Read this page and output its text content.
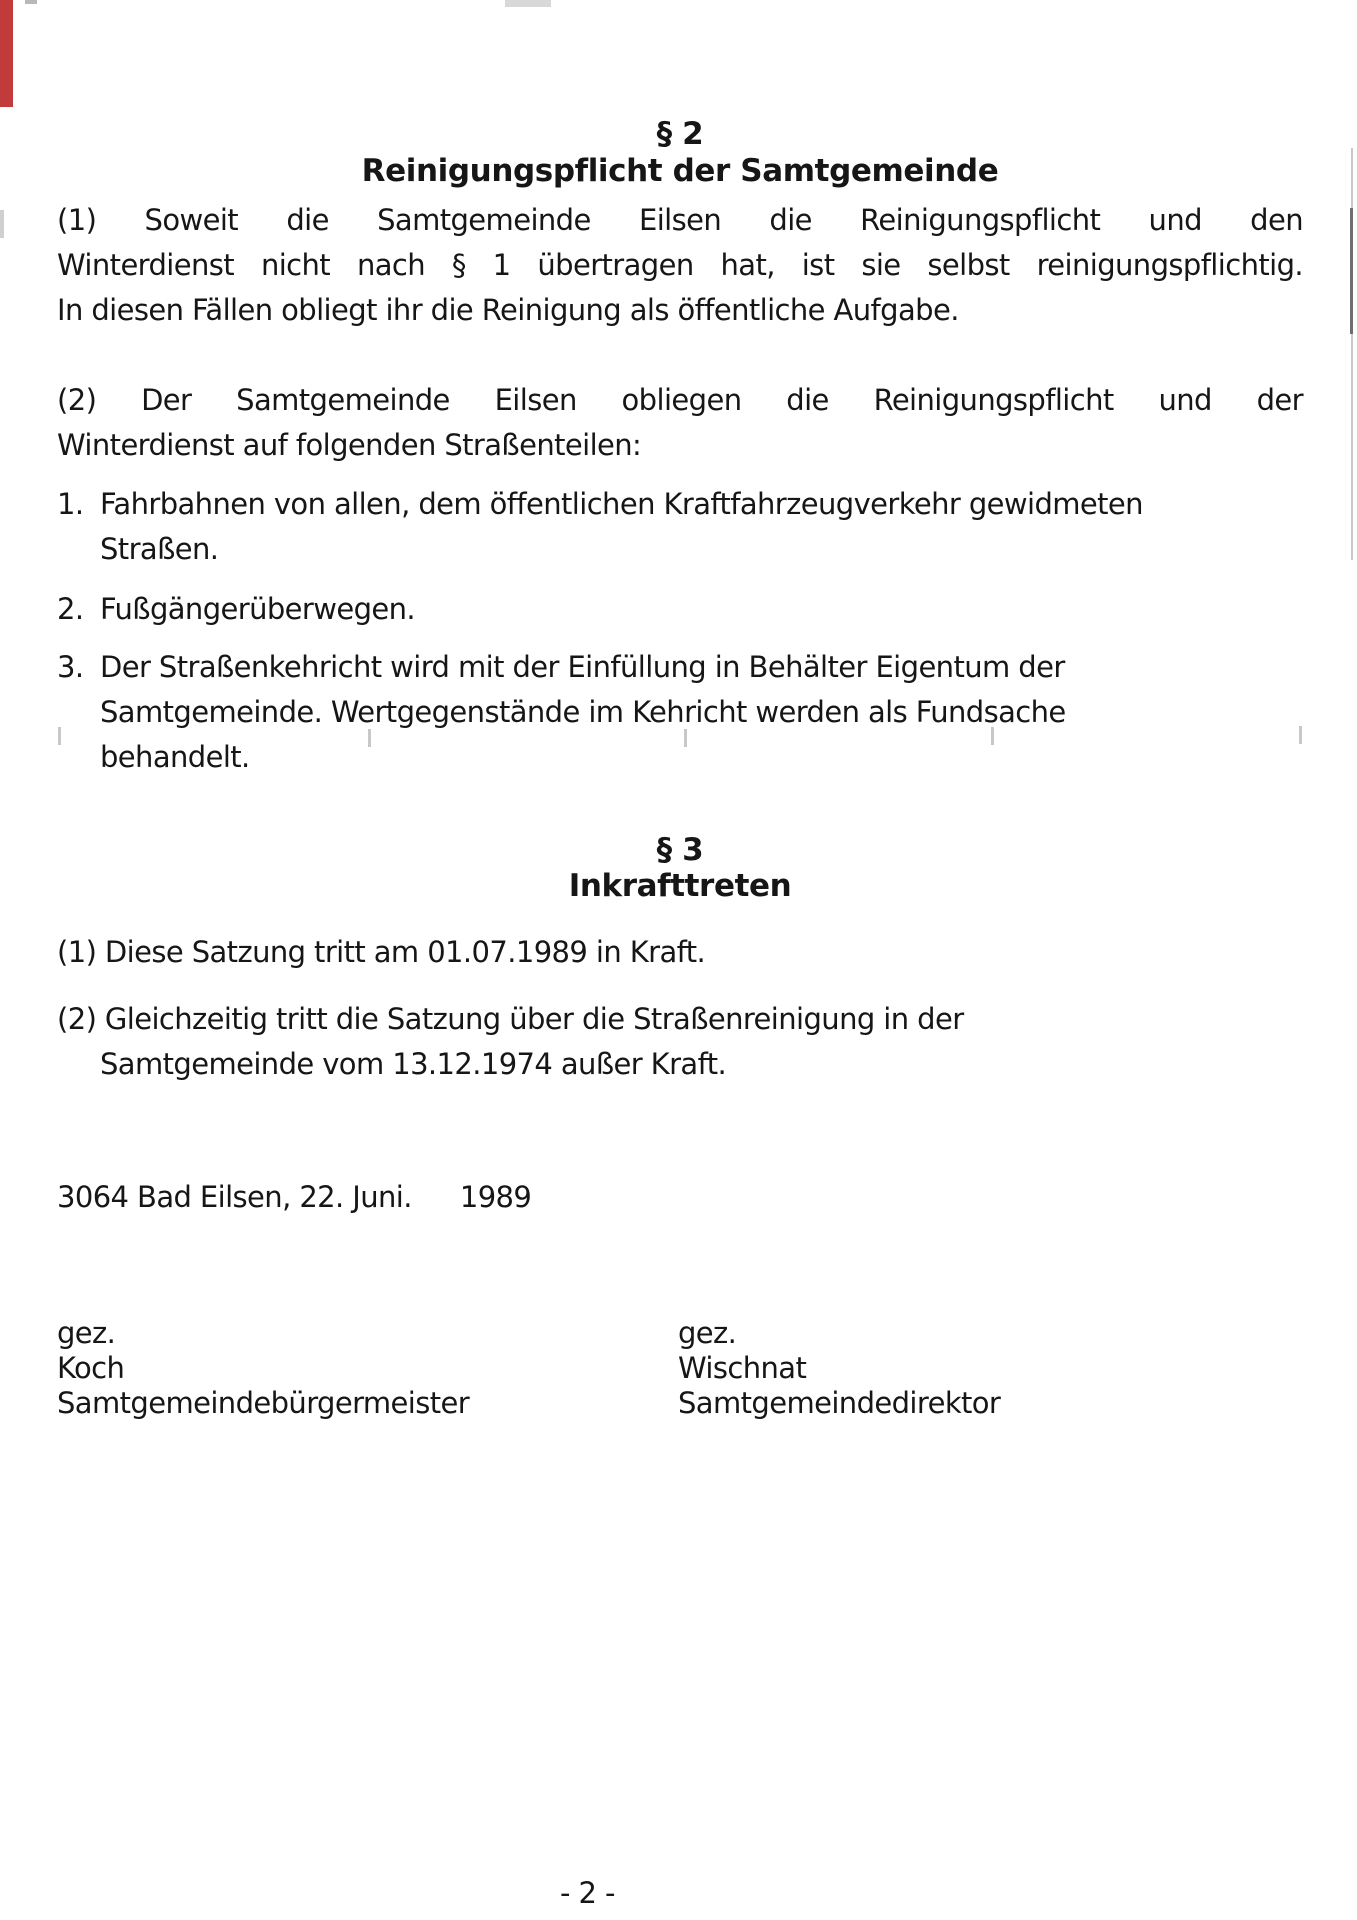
§ 2
Reinigungspflicht der Samtgemeinde
(1) Soweit die Samtgemeinde Eilsen die Reinigungspflicht und den
Winterdienst nicht nach § 1 übertragen hat, ist sie selbst reinigungspflichtig.
In diesen Fällen obliegt ihr die Reinigung als öffentliche Aufgabe.
(2) Der Samtgemeinde Eilsen obliegen die Reinigungspflicht und der
Winterdienst auf folgenden Straßenteilen:
1. Fahrbahnen von allen, dem öffentlichen Kraftfahrzeugverkehr gewidmeten
Straßen.
2. Fußgängerüberwegen.
3. Der Straßenkehricht wird mit der Einfüllung in Behälter Eigentum der
Samtgemeinde. Wertgegenstände im Kehricht werden als Fundsache
behandelt.
§ 3
Inkrafttreten
(1) Diese Satzung tritt am 01.07.1989 in Kraft.
(2) Gleichzeitig tritt die Satzung über die Straßenreinigung in der
Samtgemeinde vom 13.12.1974 außer Kraft.
3064 Bad Eilsen, 22. Juni. 1989
gez.
Koch
Samtgemeindebürgermeister
gez.
Wischnat
Samtgemeindedirektor
- 2 -
